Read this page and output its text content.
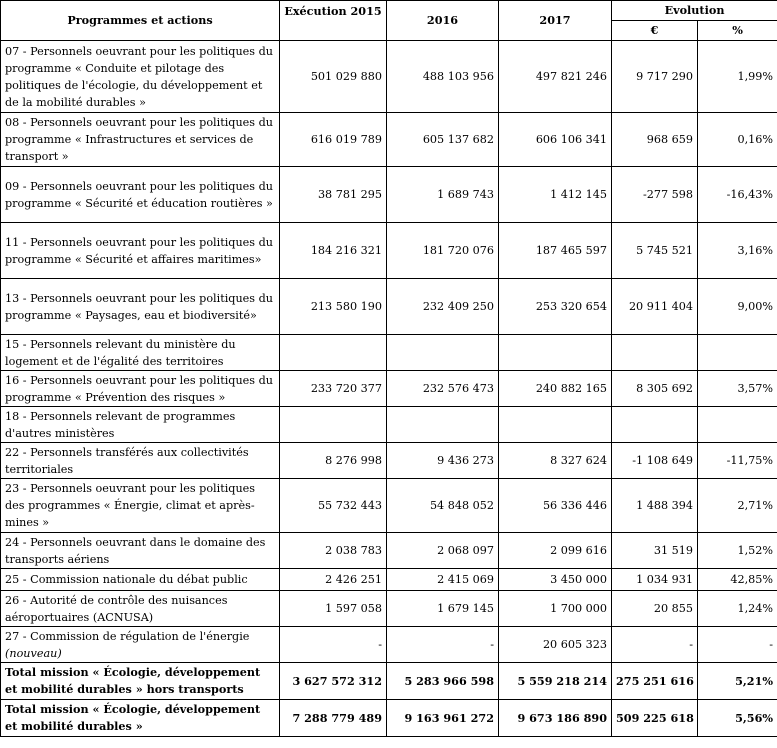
Programmes et actions	Exécution 2015	2016	2017	Evolution	
				€	%
07 - Personnels oeuvrant pour les politiques du
programme « Conduite et pilotage des
politiques de l'écologie, du développement et
de la mobilité durables »	501 029 880	488 103 956	497 821 246	9 717 290	1,99%
08 - Personnels oeuvrant pour les politiques du
programme « Infrastructures et services de
transport »	616 019 789	605 137 682	606 106 341	968 659	0,16%
09 - Personnels oeuvrant pour les politiques du
programme « Sécurité et éducation routières »	38 781 295	1 689 743	1 412 145	-277 598	-16,43%
11 - Personnels oeuvrant pour les politiques du
programme « Sécurité et affaires maritimes»	184 216 321	181 720 076	187 465 597	5 745 521	3,16%
13 - Personnels oeuvrant pour les politiques du
programme « Paysages, eau et biodiversité»	213 580 190	232 409 250	253 320 654	20 911 404	9,00%
15 - Personnels relevant du ministère du
logement et de l'égalité des territoires					
16 - Personnels oeuvrant pour les politiques du
programme « Prévention des risques »	233 720 377	232 576 473	240 882 165	8 305 692	3,57%
18 - Personnels relevant de programmes
d'autres ministères					
22 - Personnels transférés aux collectivités
territoriales	8 276 998	9 436 273	8 327 624	-1 108 649	-11,75%
23 - Personnels oeuvrant pour les politiques
des programmes « Énergie, climat et après-
mines »	55 732 443	54 848 052	56 336 446	1 488 394	2,71%
24 - Personnels oeuvrant dans le domaine des
transports aériens	2 038 783	2 068 097	2 099 616	31 519	1,52%
25 - Commission nationale du débat public	2 426 251	2 415 069	3 450 000	1 034 931	42,85%
26 - Autorité de contrôle des nuisances
aéroportuaires (ACNUSA)	1 597 058	1 679 145	1 700 000	20 855	1,24%
27 - Commission de régulation de l'énergie
(nouveau)	-	-	20 605 323	-	-
Total mission « Écologie, développement et mobilité durables » hors transports	3 627 572 312	5 283 966 598	5 559 218 214	275 251 616	5,21%
Total mission « Écologie, développement et mobilité durables »	7 288 779 489	9 163 961 272	9 673 186 890	509 225 618	5,56%
